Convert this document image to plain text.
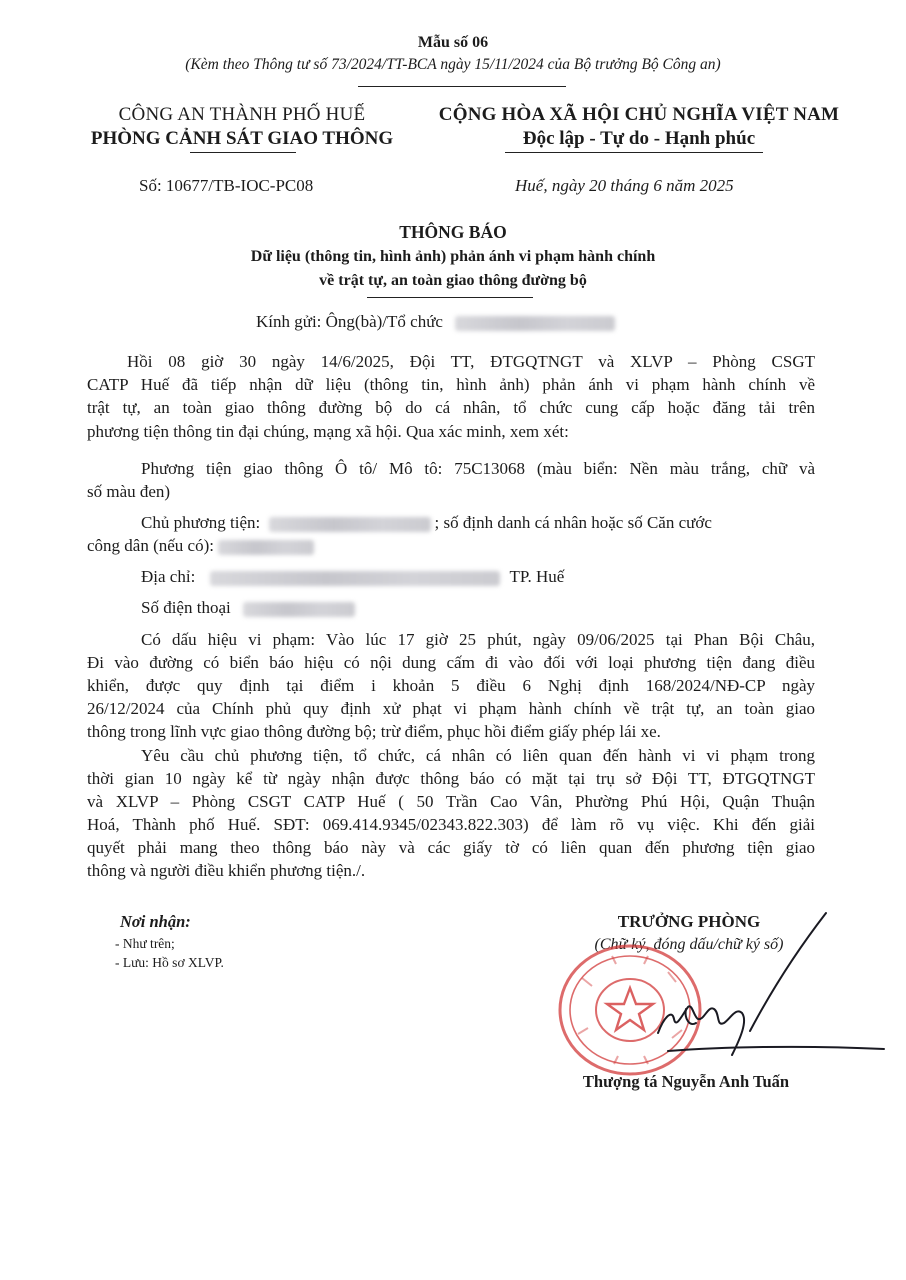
Mẫu số 06
(Kèm theo Thông tư số 73/2024/TT-BCA ngày 15/11/2024 của Bộ trưởng Bộ Công an)
CÔNG AN THÀNH PHỐ HUẾ
PHÒNG CẢNH SÁT GIAO THÔNG
CỘNG HÒA XÃ HỘI CHỦ NGHĨA VIỆT NAM
Độc lập - Tự do - Hạnh phúc
Số: 10677/TB-IOC-PC08	Huế, ngày 20 tháng 6 năm 2025
THÔNG BÁO
Dữ liệu (thông tin, hình ảnh) phản ánh vi phạm hành chính
về trật tự, an toàn giao thông đường bộ
Kính gửi: Ông(bà)/Tổ chức
Hồi 08 giờ 30 ngày 14/6/2025, Đội TT, ĐTGQTNGT và XLVP – Phòng CSGT
CATP Huế đã tiếp nhận dữ liệu (thông tin, hình ảnh) phản ánh vi phạm hành chính về
trật tự, an toàn giao thông đường bộ do cá nhân, tổ chức cung cấp hoặc đăng tải trên
phương tiện thông tin đại chúng, mạng xã hội. Qua xác minh, xem xét:
Phương tiện giao thông Ô tô/ Mô tô: 75C13068 (màu biển: Nền màu trắng, chữ và
số màu đen)
Chủ phương tiện:	; số định danh cá nhân hoặc số Căn cước
công dân (nếu có):
Địa chỉ:	TP. Huế
Số điện thoại
Có dấu hiệu vi phạm: Vào lúc 17 giờ 25 phút, ngày 09/06/2025 tại Phan Bội Châu,
Đi vào đường có biển báo hiệu có nội dung cấm đi vào đối với loại phương tiện đang điều
khiển, được quy định tại điểm i khoản 5 điều 6 Nghị định 168/2024/NĐ-CP ngày
26/12/2024 của Chính phủ quy định xử phạt vi phạm hành chính về trật tự, an toàn giao
thông trong lĩnh vực giao thông đường bộ; trừ điểm, phục hồi điểm giấy phép lái xe.
Yêu cầu chủ phương tiện, tổ chức, cá nhân có liên quan đến hành vi vi phạm trong
thời gian 10 ngày kể từ ngày nhận được thông báo có mặt tại trụ sở Đội TT, ĐTGQTNGT
và XLVP – Phòng CSGT CATP Huế ( 50 Trần Cao Vân, Phường Phú Hội, Quận Thuận
Hoá, Thành phố Huế. SĐT: 069.414.9345/02343.822.303) để làm rõ vụ việc. Khi đến giải
quyết phải mang theo thông báo này và các giấy tờ có liên quan đến phương tiện giao
thông và người điều khiển phương tiện./.
Nơi nhận:
- Như trên;
- Lưu: Hồ sơ XLVP.
TRƯỞNG PHÒNG
(Chữ ký, đóng dấu/chữ ký số)
Thượng tá Nguyễn Anh Tuấn
